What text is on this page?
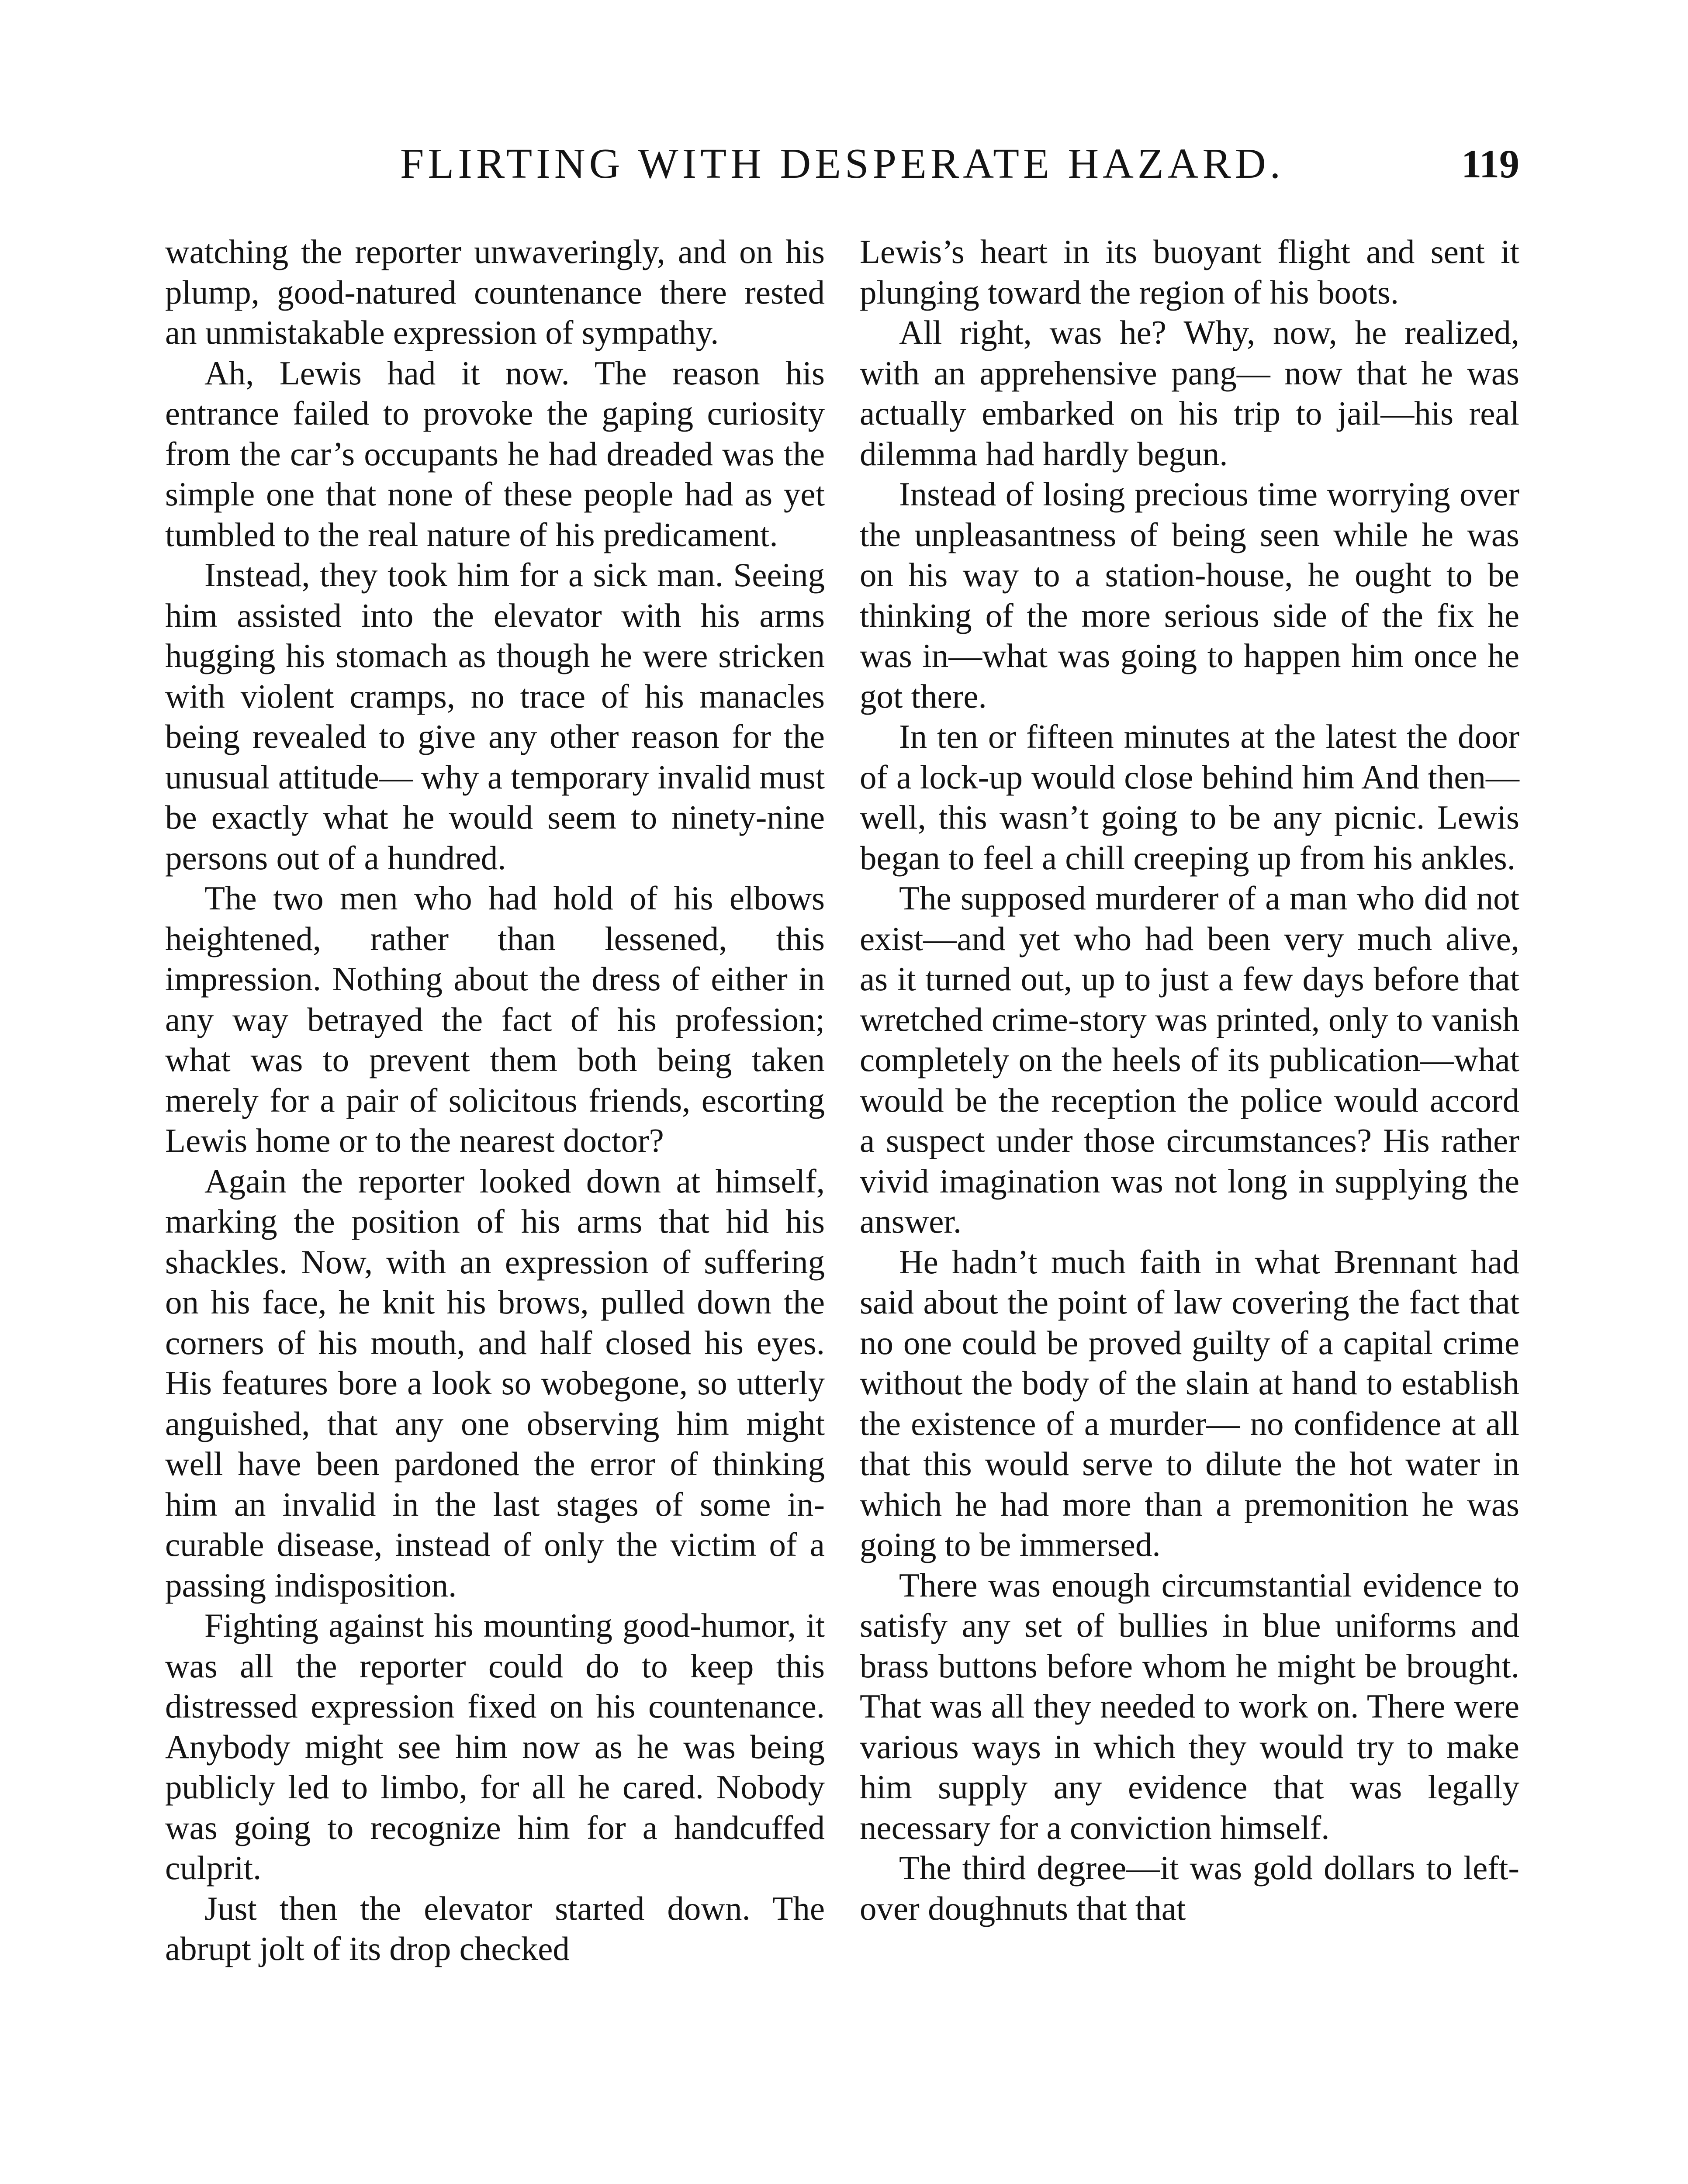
FLIRTING WITH DESPERATE HAZARD.	119

watching the reporter unwaveringly, and on his plump, good-natured countenance there rested an unmistakable expression of sympathy.

Ah, Lewis had it now. The reason his entrance failed to provoke the gaping curiosity from the car’s occupants he had dreaded was the simple one that none of these people had as yet tumbled to the real nature of his predicament.

Instead, they took him for a sick man. Seeing him assisted into the elevator with his arms hugging his stomach as though he were stricken with violent cramps, no trace of his manacles being revealed to give any other reason for the unusual attitude— why a temporary invalid must be exactly what he would seem to ninety-nine persons out of a hundred.

The two men who had hold of his elbows heightened, rather than lessened, this impression. Nothing about the dress of either in any way betrayed the fact of his profession; what was to prevent them both being taken merely for a pair of solicitous friends, escorting Lewis home or to the nearest doctor?

Again the reporter looked down at himself, marking the position of his arms that hid his shackles. Now, with an expression of suffering on his face, he knit his brows, pulled down the corners of his mouth, and half closed his eyes. His features bore a look so wobegone, so utterly anguished, that any one observing him might well have been pardoned the error of thinking him an invalid in the last stages of some incurable disease, instead of only the victim of a passing indisposition.

Fighting against his mounting good-humor, it was all the reporter could do to keep this distressed expression fixed on his countenance. Anybody might see him now as he was being publicly led to limbo, for all he cared. Nobody was going to recognize him for a handcuffed culprit.

Just then the elevator started down. The abrupt jolt of its drop checked

Lewis’s heart in its buoyant flight and sent it plunging toward the region of his boots.

All right, was he? Why, now, he realized, with an apprehensive pang— now that he was actually embarked on his trip to jail—his real dilemma had hardly begun.

Instead of losing precious time worrying over the unpleasantness of being seen while he was on his way to a station-house, he ought to be thinking of the more serious side of the fix he was in—what was going to happen him once he got there.

In ten or fifteen minutes at the latest the door of a lock-up would close behind him And then—well, this wasn’t going to be any picnic. Lewis began to feel a chill creeping up from his ankles.

The supposed murderer of a man who did not exist—and yet who had been very much alive, as it turned out, up to just a few days before that wretched crime-story was printed, only to vanish completely on the heels of its publication—what would be the reception the police would accord a suspect under those circumstances? His rather vivid imagination was not long in supplying the answer.

He hadn’t much faith in what Brennant had said about the point of law covering the fact that no one could be proved guilty of a capital crime without the body of the slain at hand to establish the existence of a murder— no confidence at all that this would serve to dilute the hot water in which he had more than a premonition he was going to be immersed.

There was enough circumstantial evidence to satisfy any set of bullies in blue uniforms and brass buttons before whom he might be brought. That was all they needed to work on. There were various ways in which they would try to make him supply any evidence that was legally necessary for a conviction himself.

The third degree—it was gold dollars to left-over doughnuts that that
